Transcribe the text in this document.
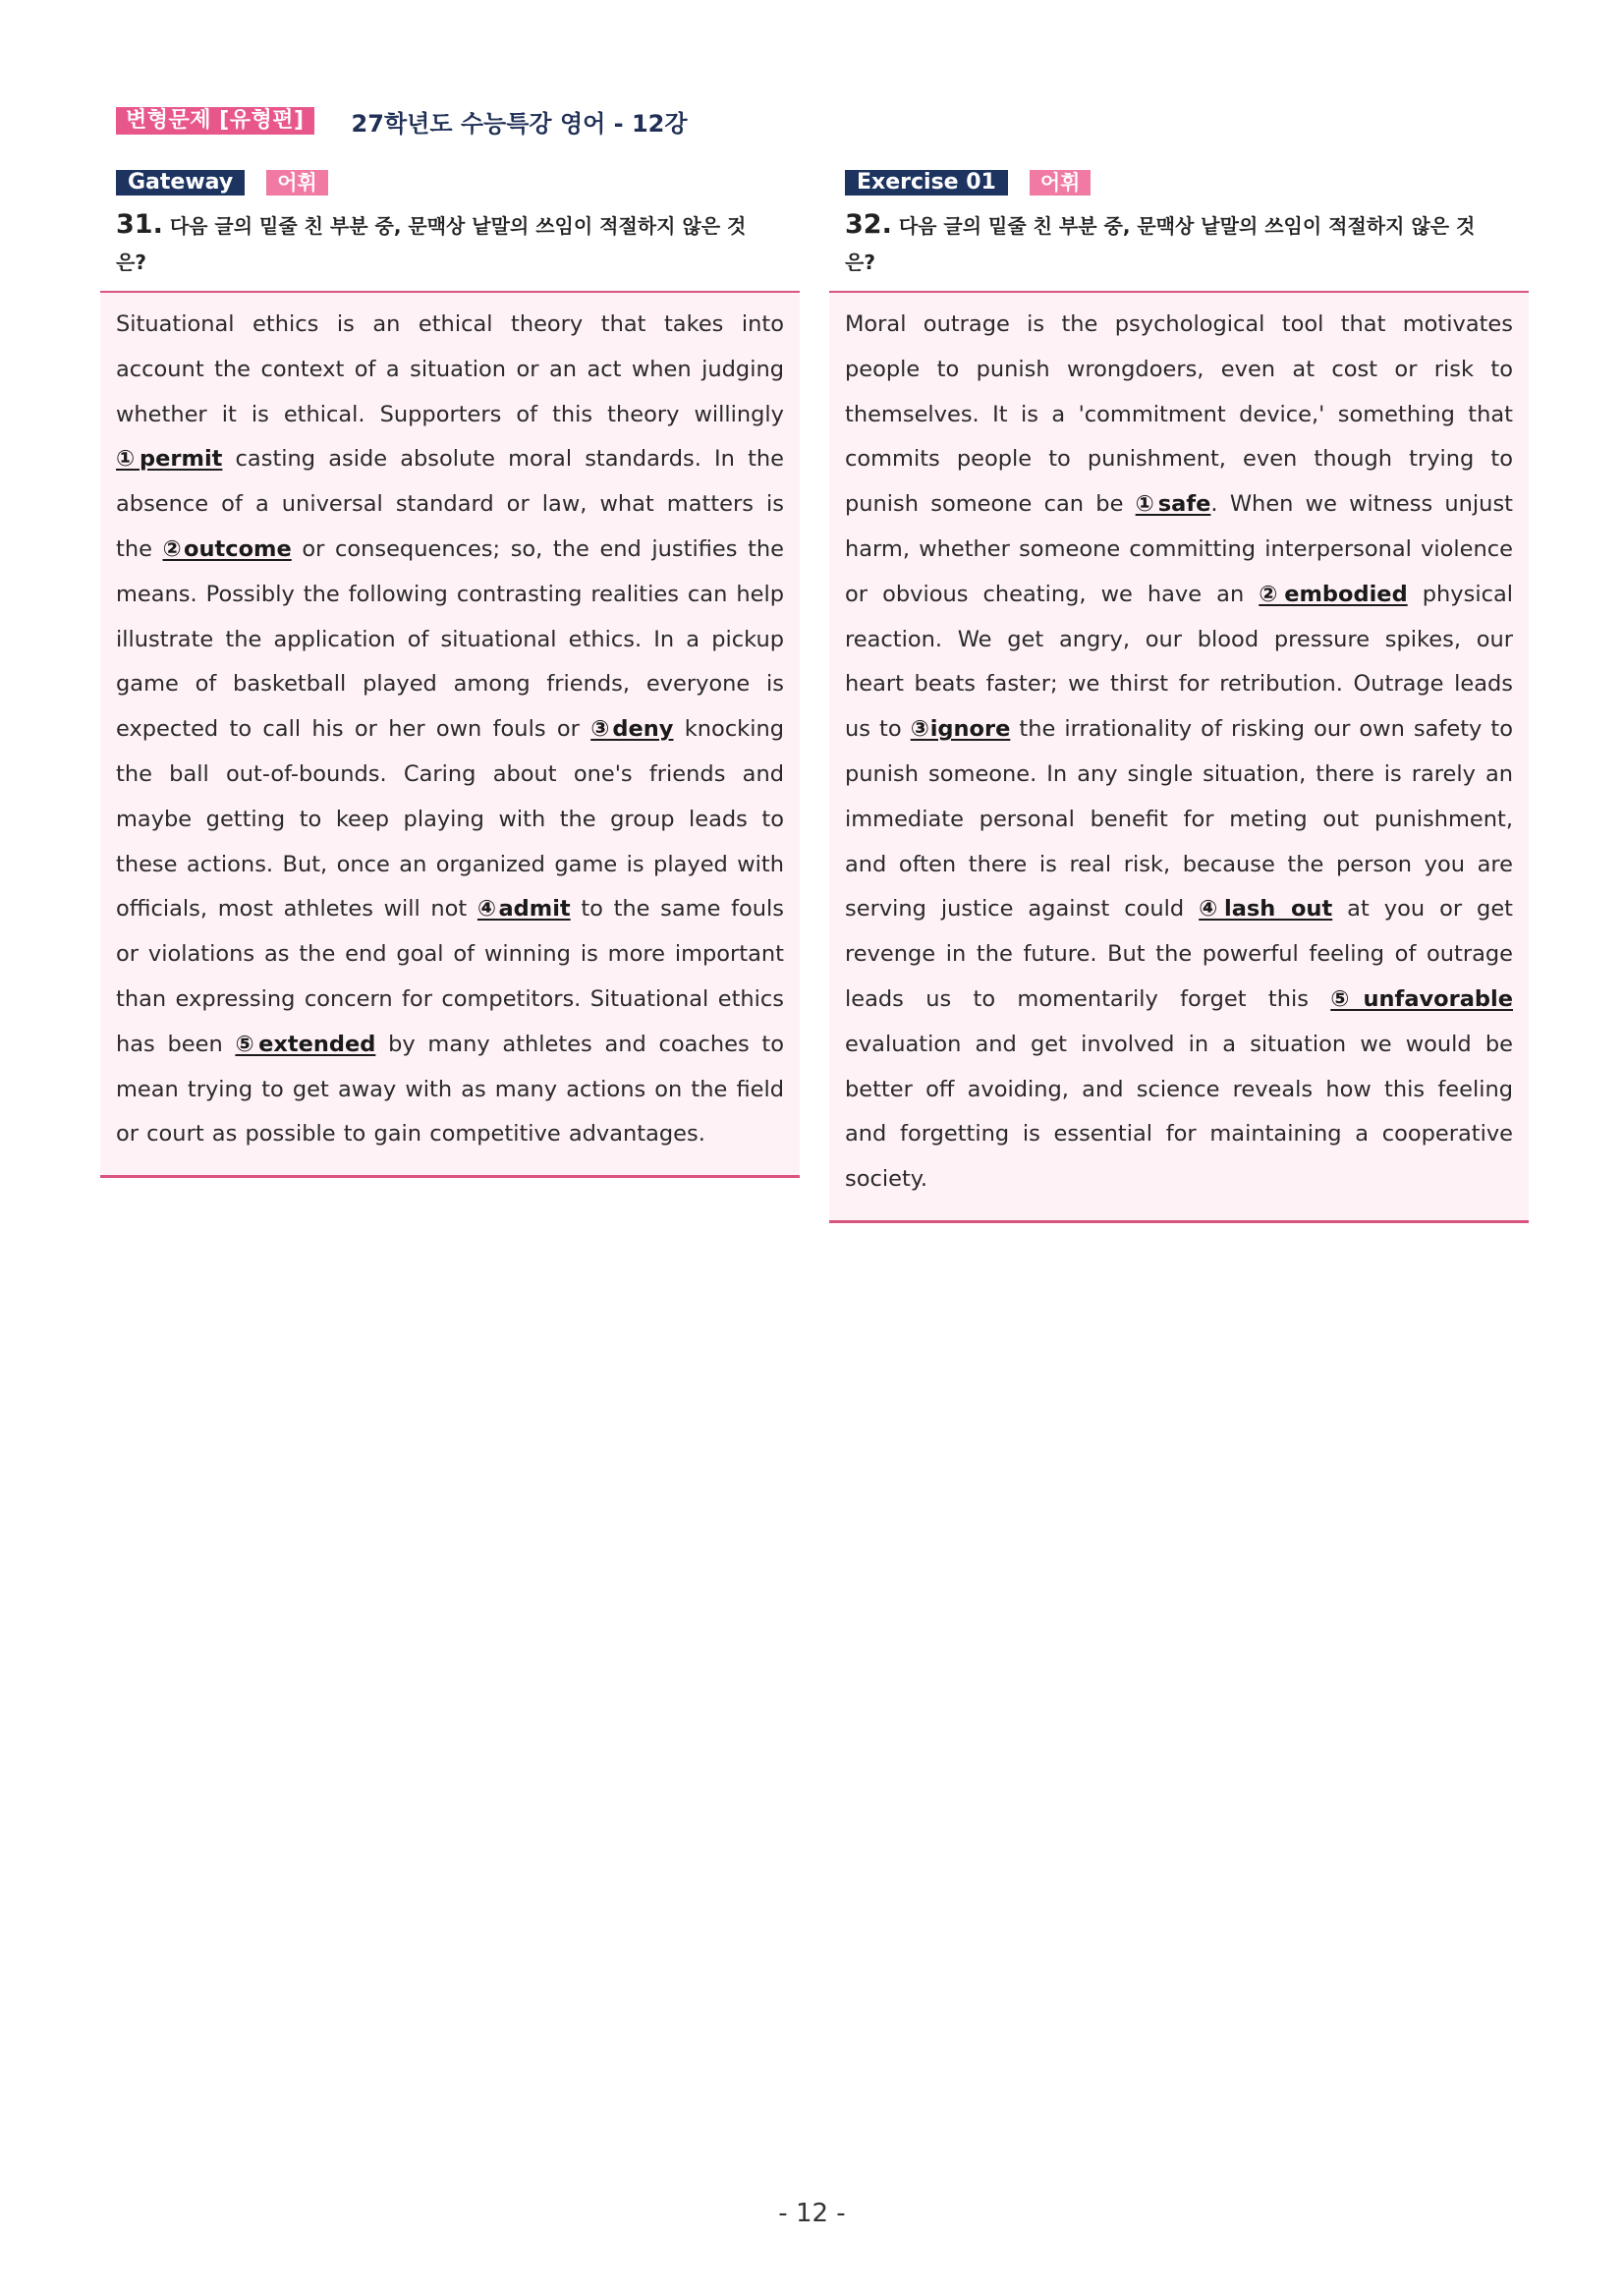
변형문제 [유형편]	27학년도 수능특강 영어 - 12강
Gateway	어휘
31. 다음 글의 밑줄 친 부분 중, 문맥상 낱말의 쓰임이 적절하지 않은 것은?

Situational ethics is an ethical theory that takes into account the context of a situation or an act when judging whether it is ethical. Supporters of this theory willingly ①permit casting aside absolute moral standards. In the absence of a universal standard or law, what matters is the ②outcome or consequences; so, the end justifies the means. Possibly the following contrasting realities can help illustrate the application of situational ethics. In a pickup game of basketball played among friends, everyone is expected to call his or her own fouls or ③deny knocking the ball out-of-bounds. Caring about one's friends and maybe getting to keep playing with the group leads to these actions. But, once an organized game is played with officials, most athletes will not ④admit to the same fouls or violations as the end goal of winning is more important than expressing concern for competitors. Situational ethics has been ⑤extended by many athletes and coaches to mean trying to get away with as many actions on the field or court as possible to gain competitive advantages.

Exercise 01	어휘
32. 다음 글의 밑줄 친 부분 중, 문맥상 낱말의 쓰임이 적절하지 않은 것은?

Moral outrage is the psychological tool that motivates people to punish wrongdoers, even at cost or risk to themselves. It is a 'commitment device,' something that commits people to punishment, even though trying to punish someone can be ①safe. When we witness unjust harm, whether someone committing interpersonal violence or obvious cheating, we have an ②embodied physical reaction. We get angry, our blood pressure spikes, our heart beats faster; we thirst for retribution. Outrage leads us to ③ignore the irrationality of risking our own safety to punish someone. In any single situation, there is rarely an immediate personal benefit for meting out punishment, and often there is real risk, because the person you are serving justice against could ④lash out at you or get revenge in the future. But the powerful feeling of outrage leads us to momentarily forget this ⑤unfavorable evaluation and get involved in a situation we would be better off avoiding, and science reveals how this feeling and forgetting is essential for maintaining a cooperative society.

- 12 -
